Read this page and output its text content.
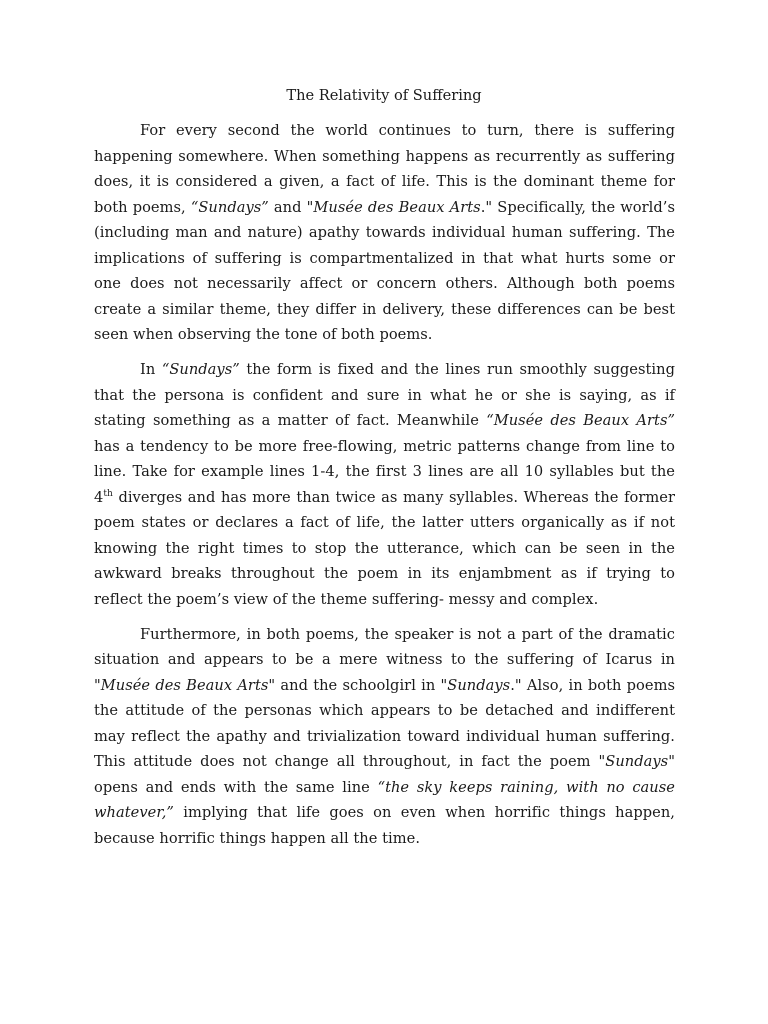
The Relativity of Suffering

For every second the world continues to turn, there is suffering happening somewhere. When something happens as recurrently as suffering does, it is considered a given, a fact of life. This is the dominant theme for both poems, “Sundays” and "Musée des Beaux Arts." Specifically, the world’s (including man and nature) apathy towards individual human suffering. The implications of suffering is compartmentalized in that what hurts some or one does not necessarily affect or concern others. Although both poems create a similar theme, they differ in delivery, these differences can be best seen when observing the tone of both poems.

In “Sundays” the form is fixed and the lines run smoothly suggesting that the persona is confident and sure in what he or she is saying, as if stating something as a matter of fact. Meanwhile “Musée des Beaux Arts” has a tendency to be more free-flowing, metric patterns change from line to line. Take for example lines 1-4, the first 3 lines are all 10 syllables but the 4th diverges and has more than twice as many syllables. Whereas the former poem states or declares a fact of life, the latter utters organically as if not knowing the right times to stop the utterance, which can be seen in the awkward breaks throughout the poem in its enjambment as if trying to reflect the poem’s view of the theme suffering- messy and complex.

Furthermore, in both poems, the speaker is not a part of the dramatic situation and appears to be a mere witness to the suffering of Icarus in "Musée des Beaux Arts" and the schoolgirl in "Sundays." Also, in both poems the attitude of the personas which appears to be detached and indifferent may reflect the apathy and trivialization toward individual human suffering. This attitude does not change all throughout, in fact the poem "Sundays" opens and ends with the same line “the sky keeps raining, with no cause whatever,” implying that life goes on even when horrific things happen, because horrific things happen all the time.
